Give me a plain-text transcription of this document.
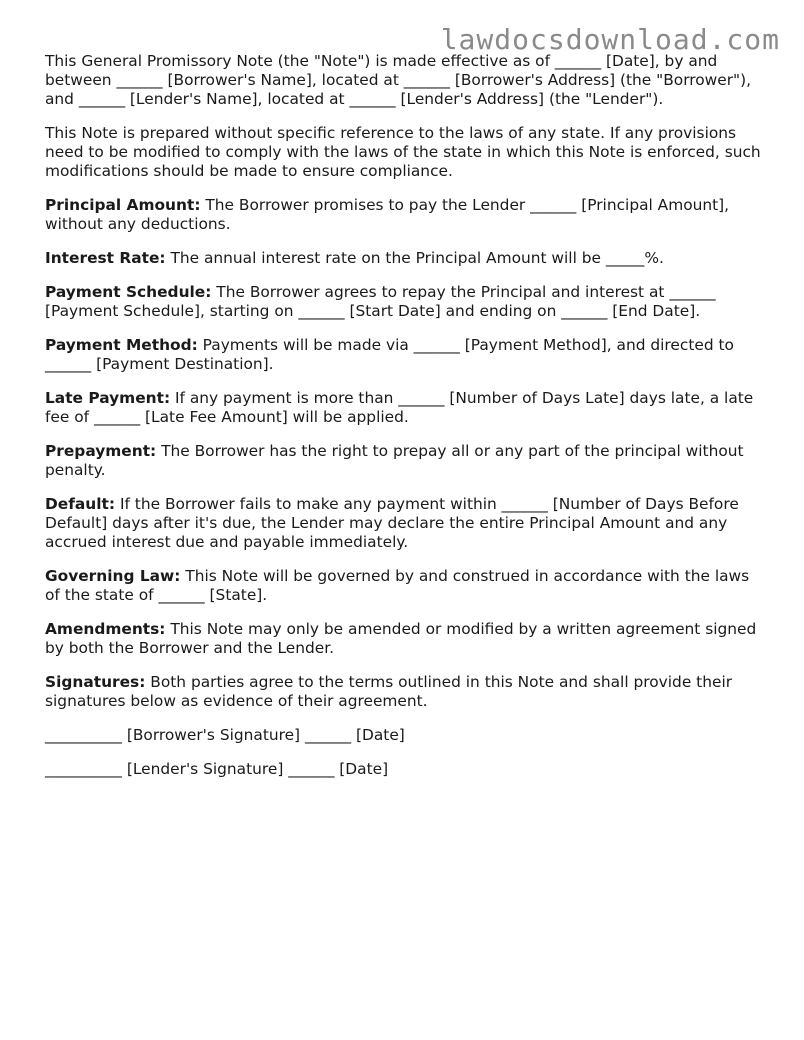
lawdocsdownload.com

This General Promissory Note (the "Note") is made effective as of ______ [Date], by and between ______ [Borrower's Name], located at ______ [Borrower's Address] (the "Borrower"), and ______ [Lender's Name], located at ______ [Lender's Address] (the "Lender").

This Note is prepared without specific reference to the laws of any state. If any provisions need to be modified to comply with the laws of the state in which this Note is enforced, such modifications should be made to ensure compliance.

Principal Amount: The Borrower promises to pay the Lender ______ [Principal Amount], without any deductions.

Interest Rate: The annual interest rate on the Principal Amount will be _____%.

Payment Schedule: The Borrower agrees to repay the Principal and interest at ______ [Payment Schedule], starting on ______ [Start Date] and ending on ______ [End Date].

Payment Method: Payments will be made via ______ [Payment Method], and directed to ______ [Payment Destination].

Late Payment: If any payment is more than ______ [Number of Days Late] days late, a late fee of ______ [Late Fee Amount] will be applied.

Prepayment: The Borrower has the right to prepay all or any part of the principal without penalty.

Default: If the Borrower fails to make any payment within ______ [Number of Days Before Default] days after it's due, the Lender may declare the entire Principal Amount and any accrued interest due and payable immediately.

Governing Law: This Note will be governed by and construed in accordance with the laws of the state of ______ [State].

Amendments: This Note may only be amended or modified by a written agreement signed by both the Borrower and the Lender.

Signatures: Both parties agree to the terms outlined in this Note and shall provide their signatures below as evidence of their agreement.

__________ [Borrower's Signature] ______ [Date]

__________ [Lender's Signature] ______ [Date]
